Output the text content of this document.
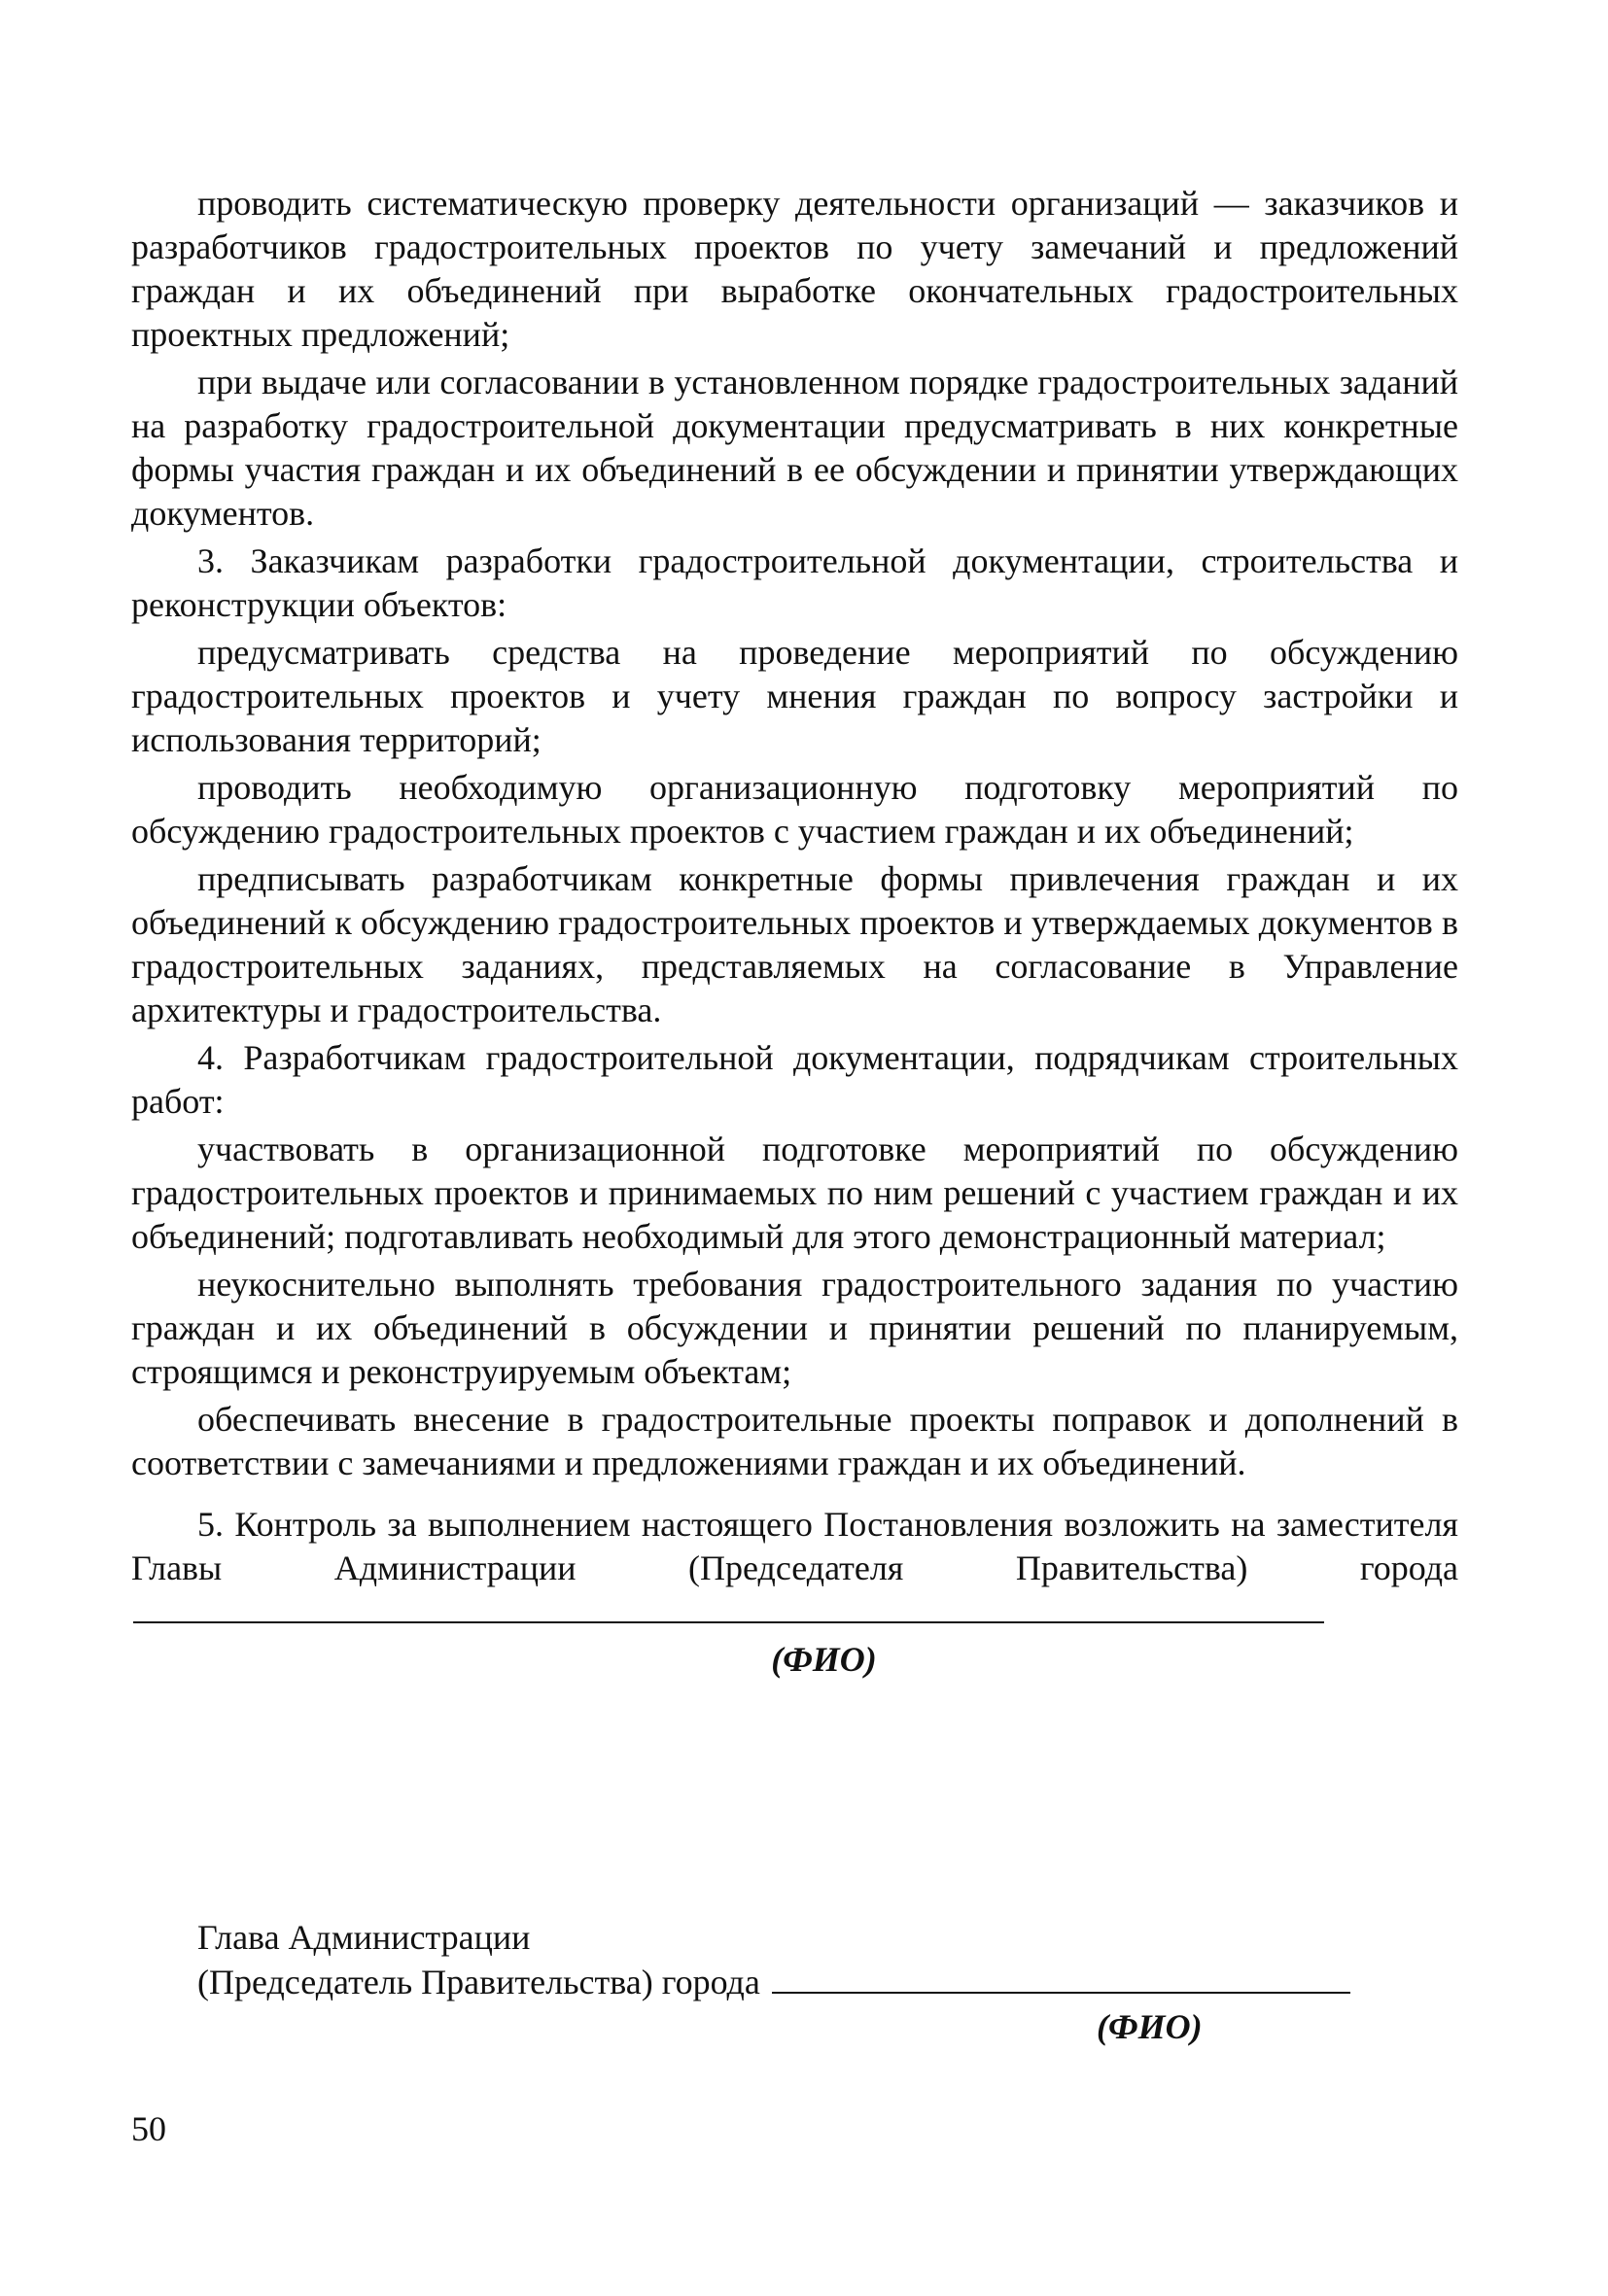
проводить систематическую проверку деятельности организаций — заказчиков и разработчиков градостроительных проектов по учету замечаний и предложений граждан и их объединений при выработке окончательных градостроительных проектных предложений;

при выдаче или согласовании в установленном порядке градостроительных заданий на разработку градостроительной документации предусматривать в них конкретные формы участия граждан и их объединений в ее обсуждении и принятии утверждающих документов.

3. Заказчикам разработки градостроительной документации, строительства и реконструкции объектов:

предусматривать средства на проведение мероприятий по обсуждению градостроительных проектов и учету мнения граждан по вопросу застройки и использования территорий;

проводить необходимую организационную подготовку мероприятий по обсуждению градостроительных проектов с участием граждан и их объединений;

предписывать разработчикам конкретные формы привлечения граждан и их объединений к обсуждению градостроительных проектов и утверждаемых документов в градостроительных заданиях, представляемых на согласование в Управление архитектуры и градостроительства.

4. Разработчикам градостроительной документации, подрядчикам строительных работ:

участвовать в организационной подготовке мероприятий по обсуждению градостроительных проектов и принимаемых по ним решений с участием граждан и их объединений; подготавливать необходимый для этого демонстрационный материал;

неукоснительно выполнять требования градостроительного задания по участию граждан и их объединений в обсуждении и принятии решений по планируемым, строящимся и реконструируемым объектам;

обеспечивать внесение в градостроительные проекты поправок и дополнений в соответствии с замечаниями и предложениями граждан и их объединений.

5. Контроль за выполнением настоящего Постановления возложить на заместителя Главы Администрации (Председателя Правительства) города

(ФИО)

Глава Администрации
(Председатель Правительства) города
(ФИО)
50
